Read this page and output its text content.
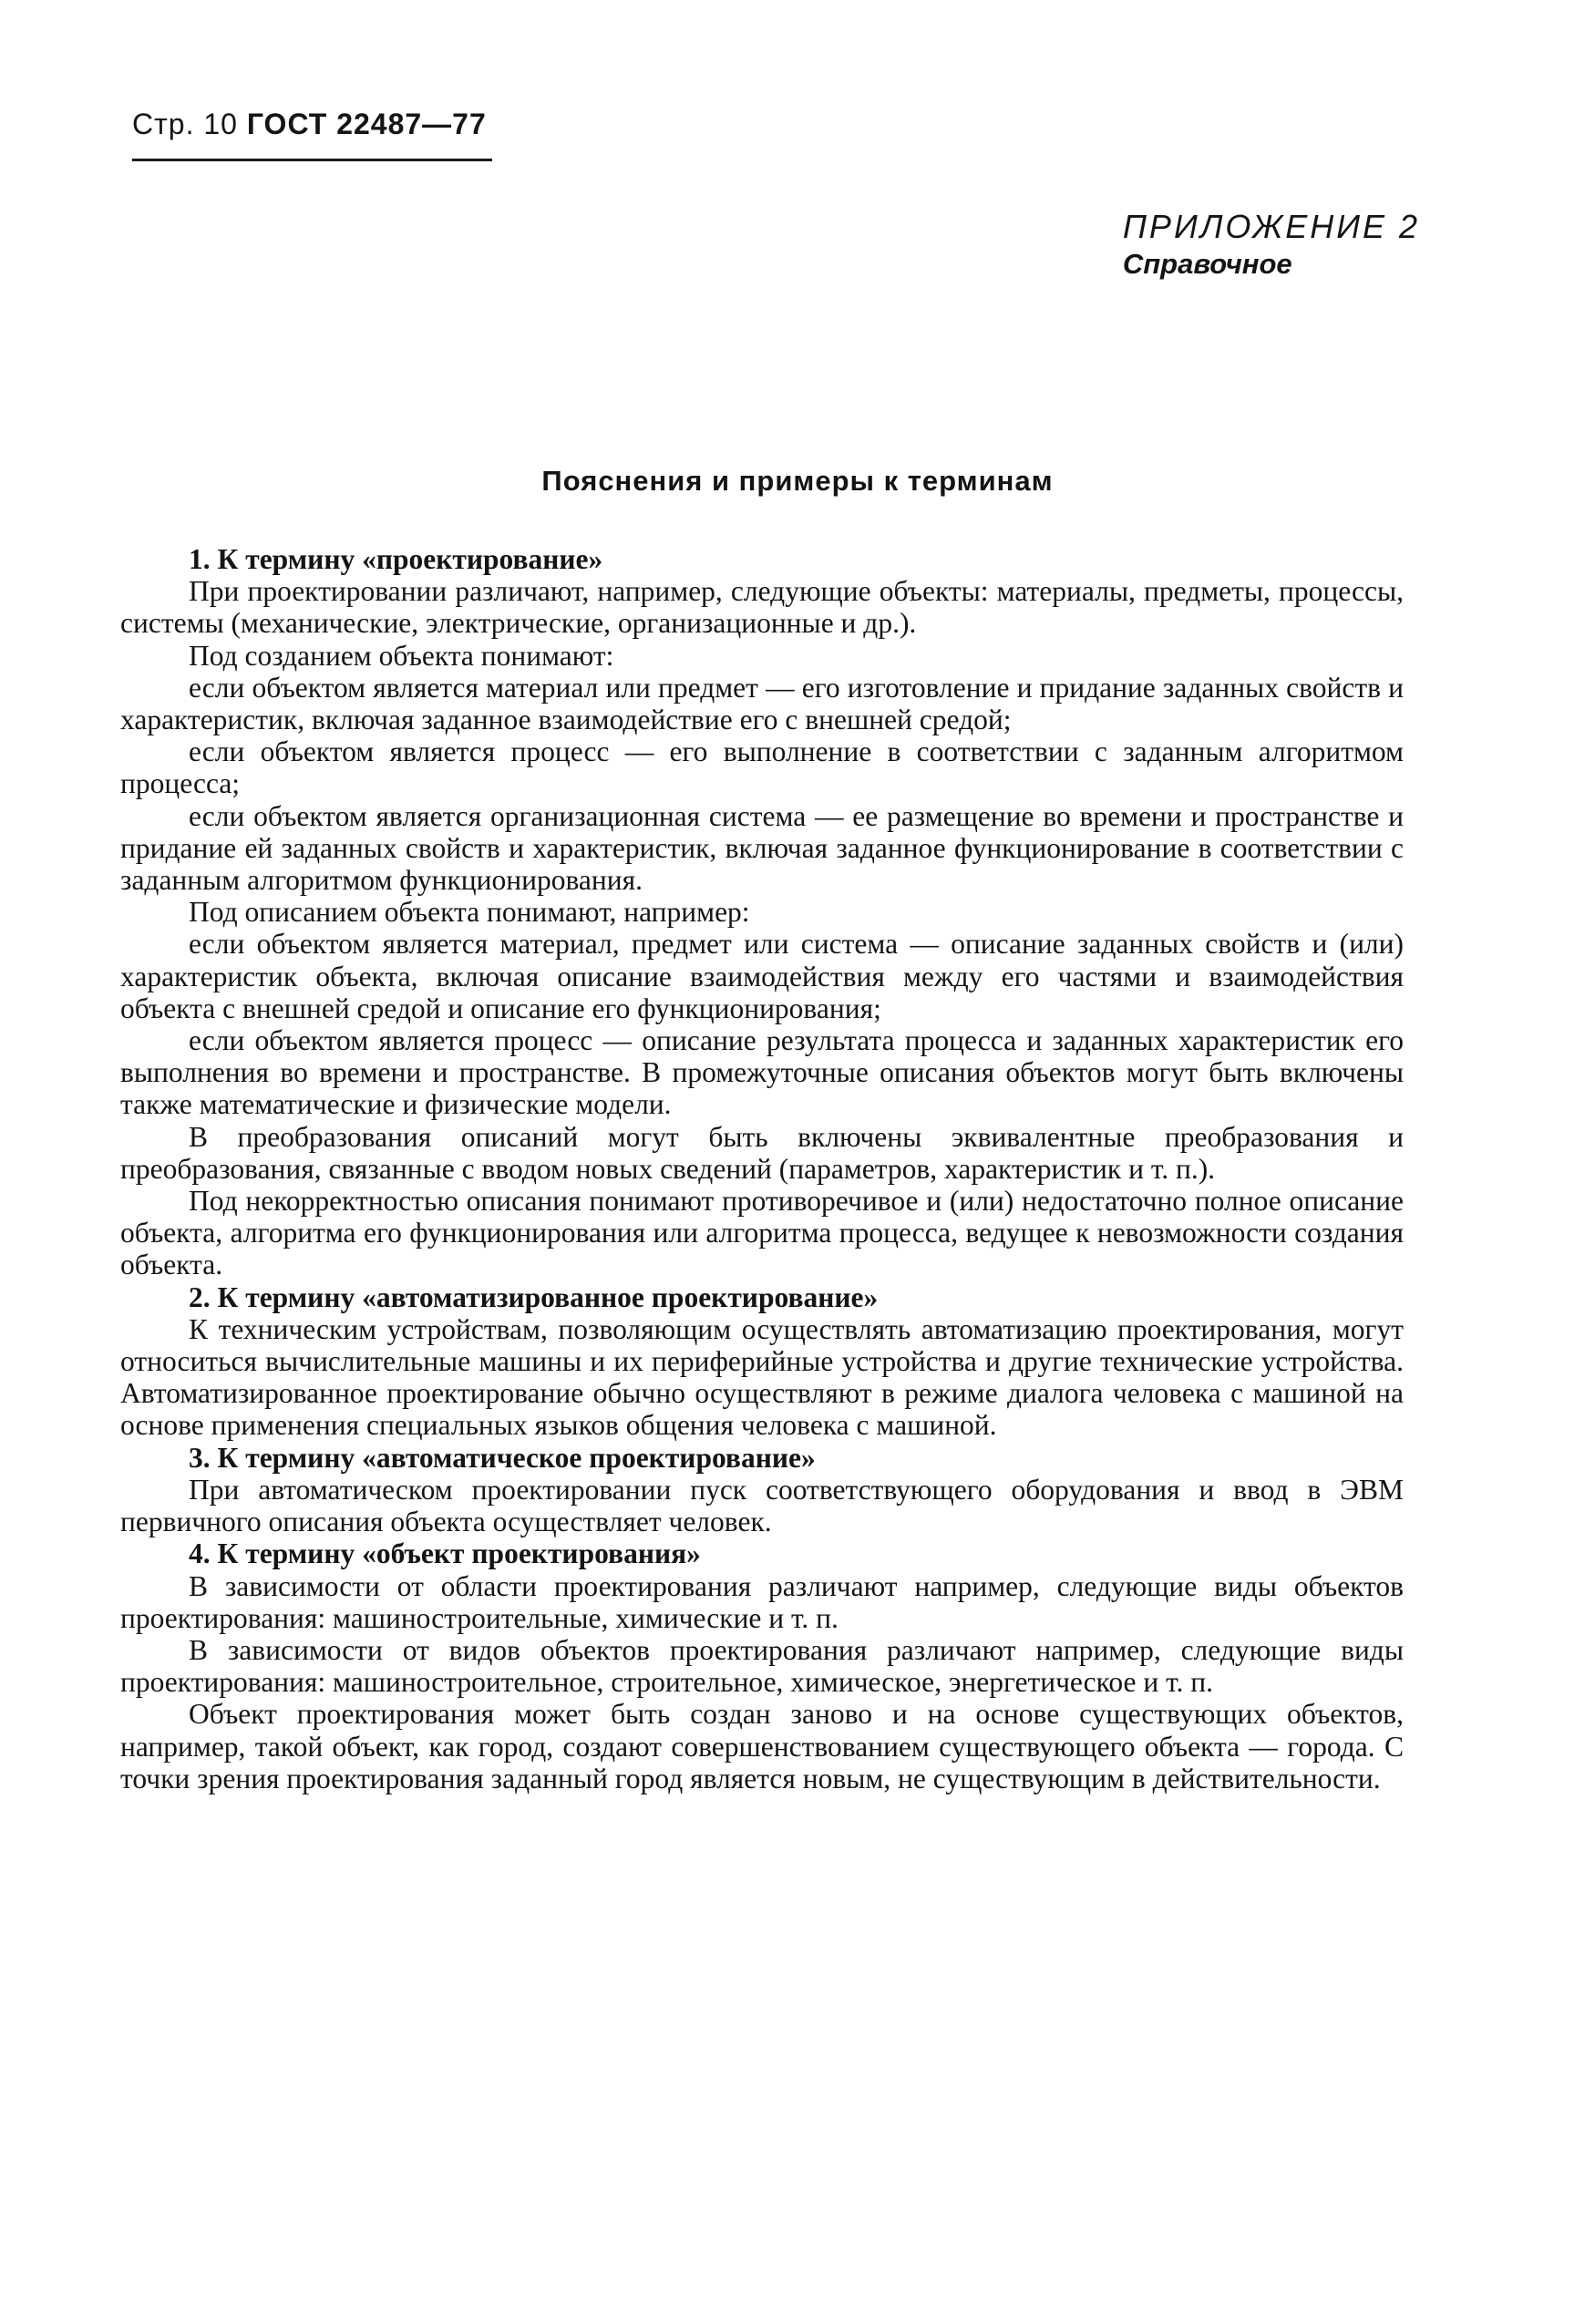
Стр. 10 ГОСТ 22487—77
ПРИЛОЖЕНИЕ 2
Справочное
Пояснения и примеры к терминам

1. К термину «проектирование»

При проектировании различают, например, следующие объекты: материалы, предметы, процессы, системы (механические, электрические, организационные и др.).

Под созданием объекта понимают:

если объектом является материал или предмет — его изготовление и придание заданных свойств и характеристик, включая заданное взаимодействие его с внешней средой;

если объектом является процесс — его выполнение в соответствии с заданным алгоритмом процесса;

если объектом является организационная система — ее размещение во времени и пространстве и придание ей заданных свойств и характеристик, включая заданное функционирование в соответствии с заданным алгоритмом функционирования.

Под описанием объекта понимают, например:

если объектом является материал, предмет или система — описание заданных свойств и (или) характеристик объекта, включая описание взаимодействия между его частями и взаимодействия объекта с внешней средой и описание его функционирования;

если объектом является процесс — описание результата процесса и заданных характеристик его выполнения во времени и пространстве. В промежуточные описания объектов могут быть включены также математические и физические модели.

В преобразования описаний могут быть включены эквивалентные преобразования и преобразования, связанные с вводом новых сведений (параметров, характеристик и т. п.).

Под некорректностью описания понимают противоречивое и (или) недостаточно полное описание объекта, алгоритма его функционирования или алгоритма процесса, ведущее к невозможности создания объекта.

2. К термину «автоматизированное проектирование»

К техническим устройствам, позволяющим осуществлять автоматизацию проектирования, могут относиться вычислительные машины и их периферийные устройства и другие технические устройства. Автоматизированное проектирование обычно осуществляют в режиме диалога человека с машиной на основе применения специальных языков общения человека с машиной.

3. К термину «автоматическое проектирование»

При автоматическом проектировании пуск соответствующего оборудования и ввод в ЭВМ первичного описания объекта осуществляет человек.

4. К термину «объект проектирования»

В зависимости от области проектирования различают например, следующие виды объектов проектирования: машиностроительные, химические и т. п.

В зависимости от видов объектов проектирования различают например, следующие виды проектирования: машиностроительное, строительное, химическое, энергетическое и т. п.

Объект проектирования может быть создан заново и на основе существующих объектов, например, такой объект, как город, создают совершенствованием существующего объекта — города. С точки зрения проектирования заданный город является новым, не существующим в действительности.
